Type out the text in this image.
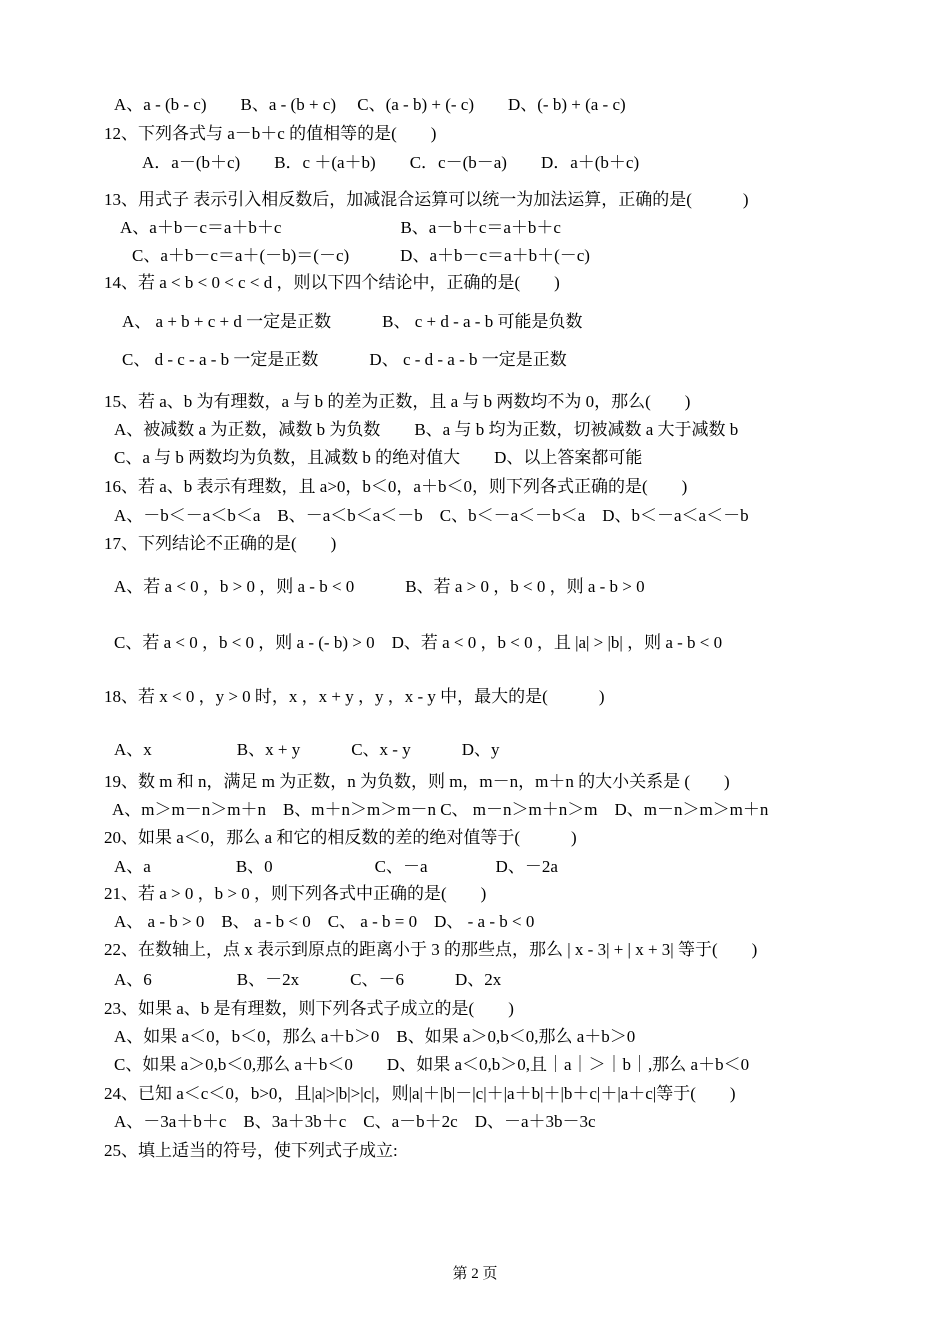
A、a - (b - c)　　B、a - (b + c)　 C、(a - b) + (- c)　　D、(- b) + (a - c)
12、下列各式与 a－b＋c 的值相等的是(　　)
A．a－(b＋c)　　B．c ＋(a＋b)　　C．c－(b－a)　　D．a＋(b＋c)
13、用式子 表示引入相反数后，加减混合运算可以统一为加法运算，正确的是(　　　)
A、a＋b－c＝a＋b＋c　　　　　　　B、a－b＋c＝a＋b＋c
C、a＋b－c＝a＋(－b)＝(－c)　　　D、a＋b－c＝a＋b＋(－c)
14、若 a < b < 0 < c < d ，则以下四个结论中，正确的是(　　)
A、 a + b + c + d 一定是正数　　　B、 c + d - a - b 可能是负数
C、 d - c - a - b 一定是正数　　　D、 c - d - a - b 一定是正数
15、若 a、b 为有理数，a 与 b 的差为正数，且 a 与 b 两数均不为 0，那么(　　)
A、被减数 a 为正数，减数 b 为负数　　B、a 与 b 均为正数，切被减数 a 大于减数 b
C、a 与 b 两数均为负数，且减数 b 的绝对值大　　D、以上答案都可能
16、若 a、b 表示有理数，且 a>0，b＜0，a＋b＜0，则下列各式正确的是(　　)
A、－b＜－a＜b＜a　B、－a＜b＜a＜－b　C、b＜－a＜－b＜a　D、b＜－a＜a＜－b
17、下列结论不正确的是(　　)
A、若 a < 0 ，b > 0 ，则 a - b < 0　　　B、若 a > 0 ，b < 0 ，则 a - b > 0
C、若 a < 0 ，b < 0 ，则 a - (- b) > 0　D、若 a < 0 ，b < 0 ，且 |a| > |b| ，则 a - b < 0
18、若 x < 0 ，y > 0 时，x ，x + y ，y ，x - y 中，最大的是(　　　)
A、x　　　　　B、x + y　　　C、x - y　　　D、y
19、数 m 和 n，满足 m 为正数，n 为负数，则 m，m－n，m＋n 的大小关系是 (　　)
A、m＞m－n＞m＋n　B、m＋n＞m＞m－n C、 m－n＞m＋n＞m　D、m－n＞m＞m＋n
20、如果 a＜0，那么 a 和它的相反数的差的绝对值等于(　　　)
A、a　　　　　B、0　　　　　　C、－a　　　　D、－2a
21、若 a > 0 ，b > 0 ，则下列各式中正确的是(　　)
A、 a - b > 0　B、 a - b < 0　C、 a - b = 0　D、 - a - b < 0
22、在数轴上，点 x 表示到原点的距离小于 3 的那些点，那么 | x - 3| + | x + 3| 等于(　　)
A、6　　　　　B、－2x　　　C、－6　　　D、2x
23、如果 a、b 是有理数，则下列各式子成立的是(　　)
A、如果 a＜0，b＜0，那么 a＋b＞0　B、如果 a＞0,b＜0,那么 a＋b＞0
C、如果 a＞0,b＜0,那么 a＋b＜0　　D、如果 a＜0,b＞0,且｜a｜＞｜b｜,那么 a＋b＜0
24、已知 a＜c＜0，b>0，且|a|>|b|>|c|，则|a|＋|b|－|c|＋|a＋b|＋|b＋c|＋|a＋c|等于(　　)
A、－3a＋b＋c　B、3a＋3b＋c　C、a－b＋2c　D、－a＋3b－3c
25、填上适当的符号，使下列式子成立:
第 2 页
